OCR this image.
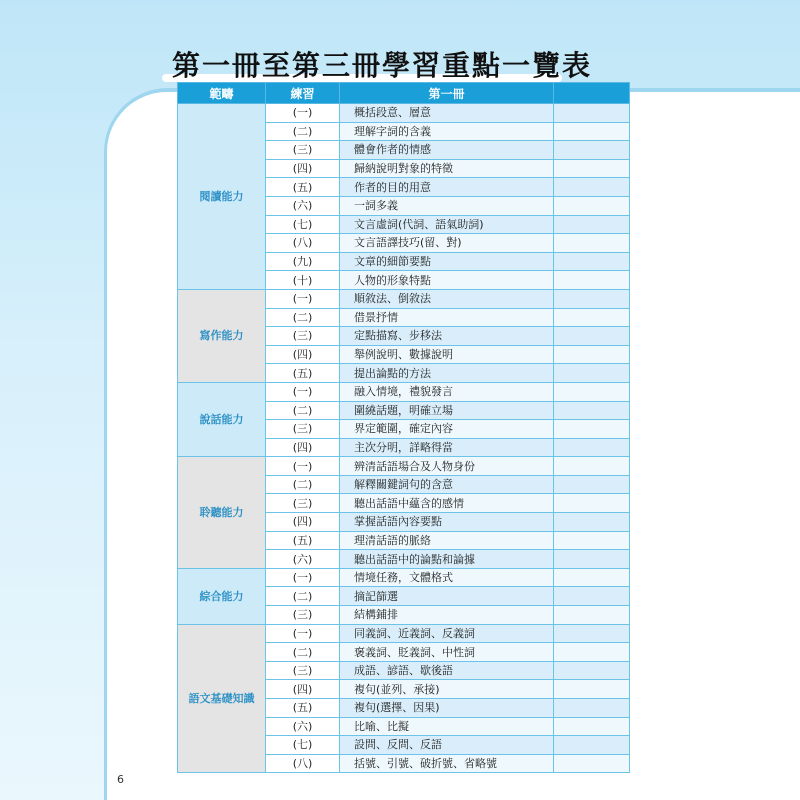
第一冊至第三冊學習重點一覽表
範疇	練習	第一冊	
閱讀能力	(一)	概括段意、層意	
	(二)	理解字詞的含義	
	(三)	體會作者的情感	
	(四)	歸納說明對象的特徵	
	(五)	作者的目的用意	
	(六)	一詞多義	
	(七)	文言虛詞(代詞、語氣助詞)	
	(八)	文言語譯技巧(留、對)	
	(九)	文章的細節要點	
	(十)	人物的形象特點	
寫作能力	(一)	順敘法、倒敘法	
	(二)	借景抒情	
	(三)	定點描寫、步移法	
	(四)	舉例說明、數據說明	
	(五)	提出論點的方法	
說話能力	(一)	融入情境，禮貌發言	
	(二)	圍繞話題，明確立場	
	(三)	界定範圍，確定內容	
	(四)	主次分明，詳略得當	
聆聽能力	(一)	辨清話語場合及人物身份	
	(二)	解釋關鍵詞句的含意	
	(三)	聽出話語中蘊含的感情	
	(四)	掌握話語內容要點	
	(五)	理清話語的脈絡	
	(六)	聽出話語中的論點和論據	
綜合能力	(一)	情境任務，文體格式	
	(二)	摘記篩選	
	(三)	結構鋪排	
語文基礎知識	(一)	同義詞、近義詞、反義詞	
	(二)	褒義詞、貶義詞、中性詞	
	(三)	成語、諺語、歇後語	
	(四)	複句(並列、承接)	
	(五)	複句(選擇、因果)	
	(六)	比喻、比擬	
	(七)	設問、反問、反語	
	(八)	括號、引號、破折號、省略號	
6
